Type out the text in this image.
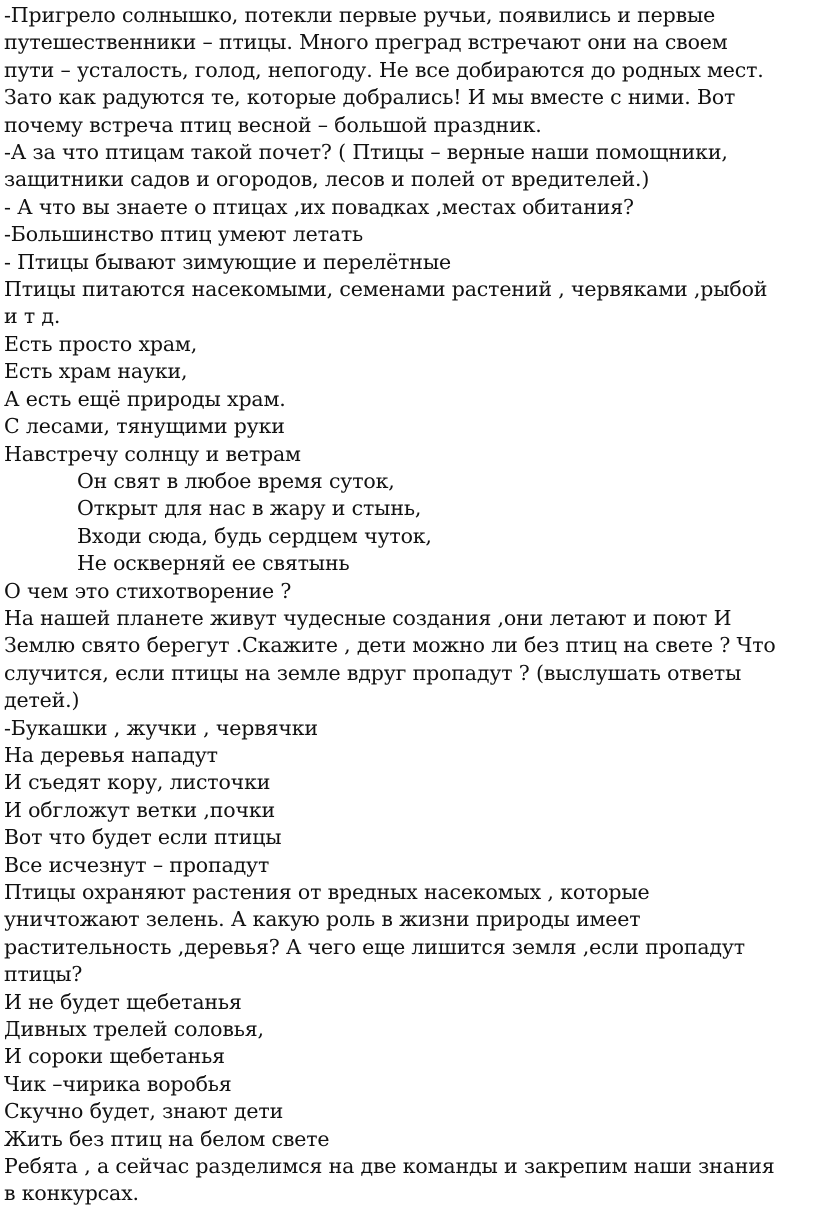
-Пригрело солнышко, потекли первые ручьи, появились и первые
путешественники – птицы. Много преград встречают они на своем
пути – усталость, голод, непогоду. Не все добираются до родных мест.
Зато как радуются те, которые добрались! И мы вместе с ними. Вот
почему встреча птиц весной – большой праздник.
-А за что птицам такой почет? ( Птицы – верные наши помощники,
защитники садов и огородов, лесов и полей от вредителей.)
- А что вы знаете о птицах ,их повадках ,местах обитания?
-Большинство птиц умеют летать
- Птицы бывают зимующие и перелётные
Птицы питаются насекомыми, семенами растений , червяками ,рыбой
и т д.
Есть просто храм,
Есть храм науки,
А есть ещё природы храм.
С лесами, тянущими руки
Навстречу солнцу и ветрам
Он свят в любое время суток,
Открыт для нас в жару и стынь,
Входи сюда, будь сердцем чуток,
Не оскверняй ее святынь
О чем это стихотворение ?
На нашей планете живут чудесные создания ,они летают и поют И
Землю свято берегут .Скажите , дети можно ли без птиц на свете ? Что
случится, если птицы на земле вдруг пропадут ? (выслушать ответы
детей.)
-Букашки , жучки , червячки
На деревья нападут
И съедят кору, листочки
И обгложут ветки ,почки
Вот что будет если птицы
Все исчезнут – пропадут
Птицы охраняют растения от вредных насекомых , которые
уничтожают зелень. А какую роль в жизни природы имеет
растительность ,деревья? А чего еще лишится земля ,если пропадут
птицы?
И не будет щебетанья
Дивных трелей соловья,
И сороки щебетанья
Чик –чирика воробья
Скучно будет, знают дети
Жить без птиц на белом свете
Ребята , а сейчас разделимся на две команды и закрепим наши знания
в конкурсах.
